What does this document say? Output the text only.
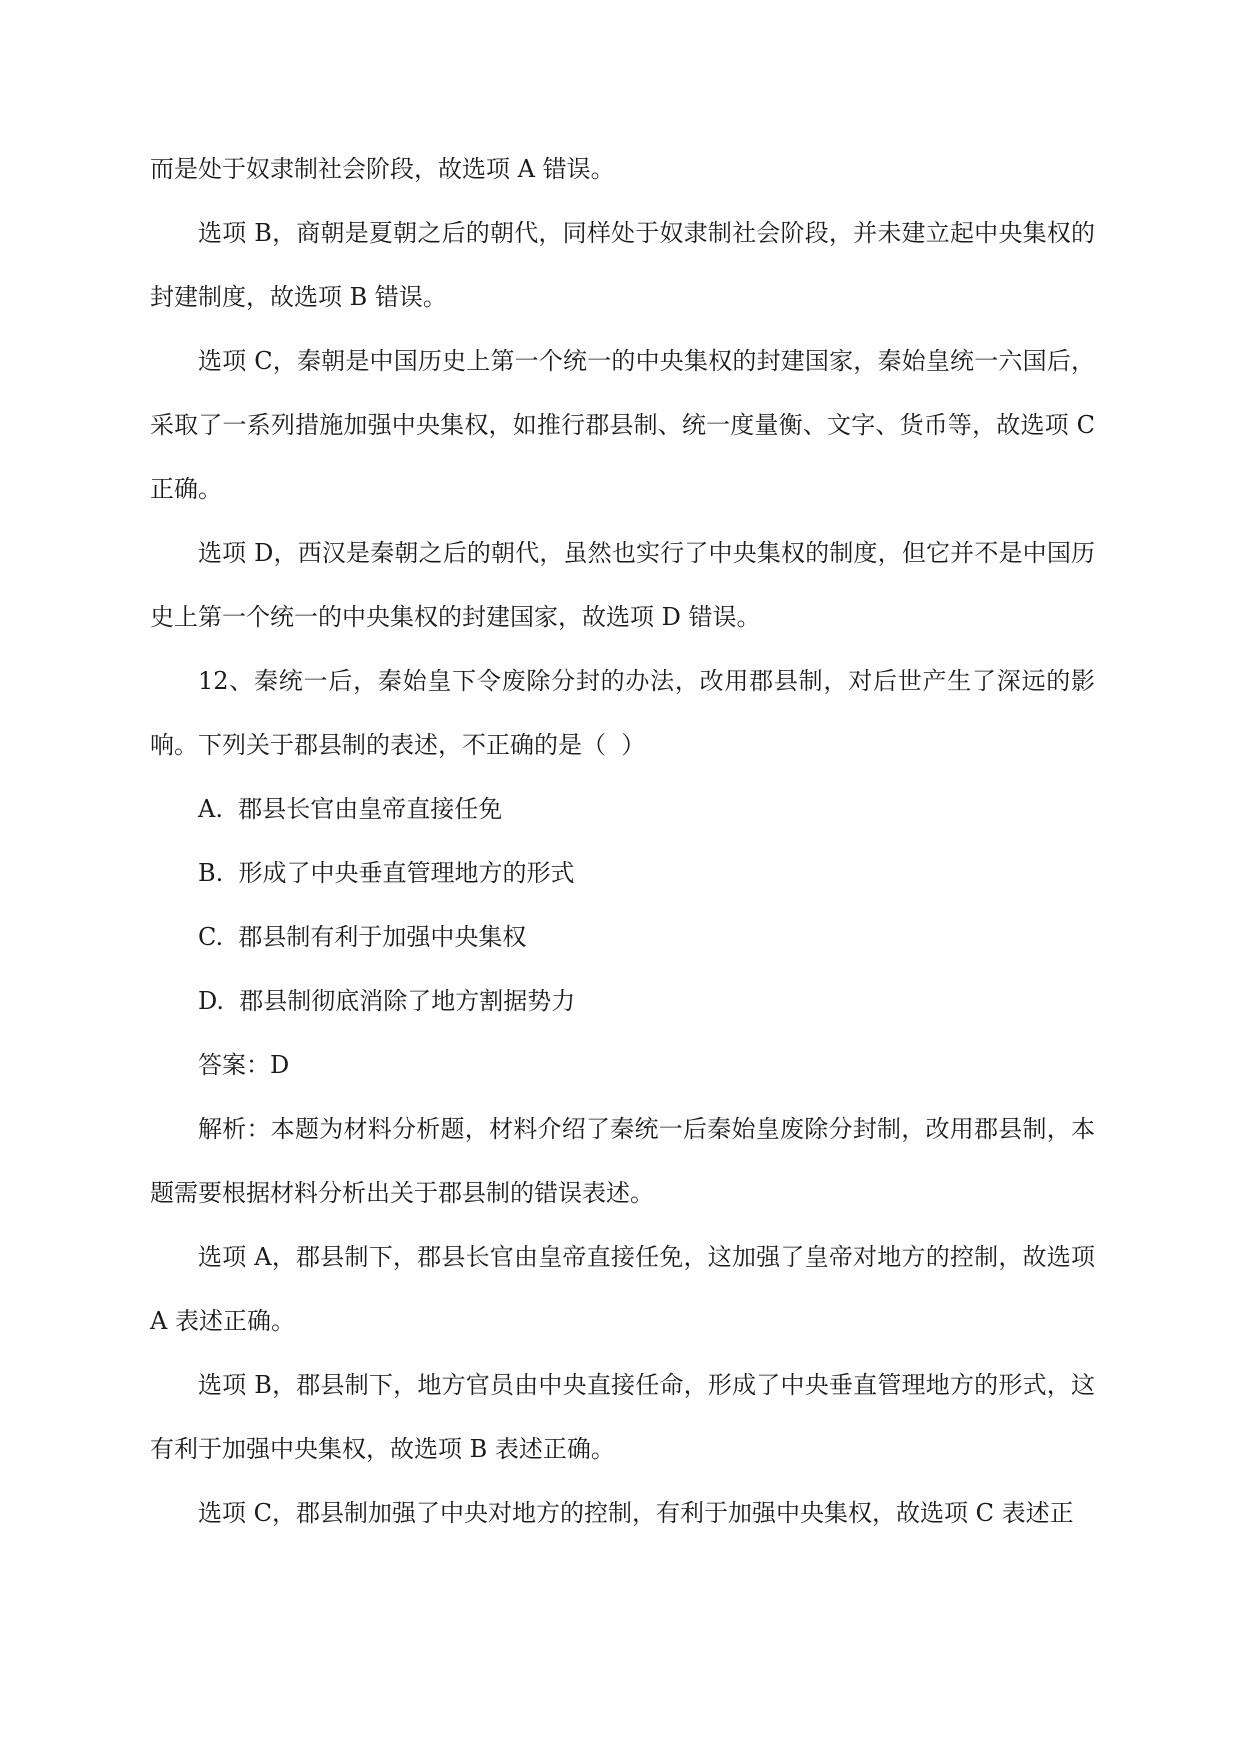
而是处于奴隶制社会阶段，故选项 A 错误。

选项 B，商朝是夏朝之后的朝代，同样处于奴隶制社会阶段，并未建立起中央集权的封建制度，故选项 B 错误。

选项 C，秦朝是中国历史上第一个统一的中央集权的封建国家，秦始皇统一六国后，采取了一系列措施加强中央集权，如推行郡县制、统一度量衡、文字、货币等，故选项 C 正确。

选项 D，西汉是秦朝之后的朝代，虽然也实行了中央集权的制度，但它并不是中国历史上第一个统一的中央集权的封建国家，故选项 D 错误。

12、秦统一后，秦始皇下令废除分封的办法，改用郡县制，对后世产生了深远的影响。下列关于郡县制的表述，不正确的是（  ）

A.  郡县长官由皇帝直接任免

B.  形成了中央垂直管理地方的形式

C.  郡县制有利于加强中央集权

D.  郡县制彻底消除了地方割据势力

答案：D

解析：本题为材料分析题，材料介绍了秦统一后秦始皇废除分封制，改用郡县制，本题需要根据材料分析出关于郡县制的错误表述。

选项 A，郡县制下，郡县长官由皇帝直接任免，这加强了皇帝对地方的控制，故选项 A 表述正确。

选项 B，郡县制下，地方官员由中央直接任命，形成了中央垂直管理地方的形式，这有利于加强中央集权，故选项 B 表述正确。

选项 C，郡县制加强了中央对地方的控制，有利于加强中央集权，故选项 C 表述正
